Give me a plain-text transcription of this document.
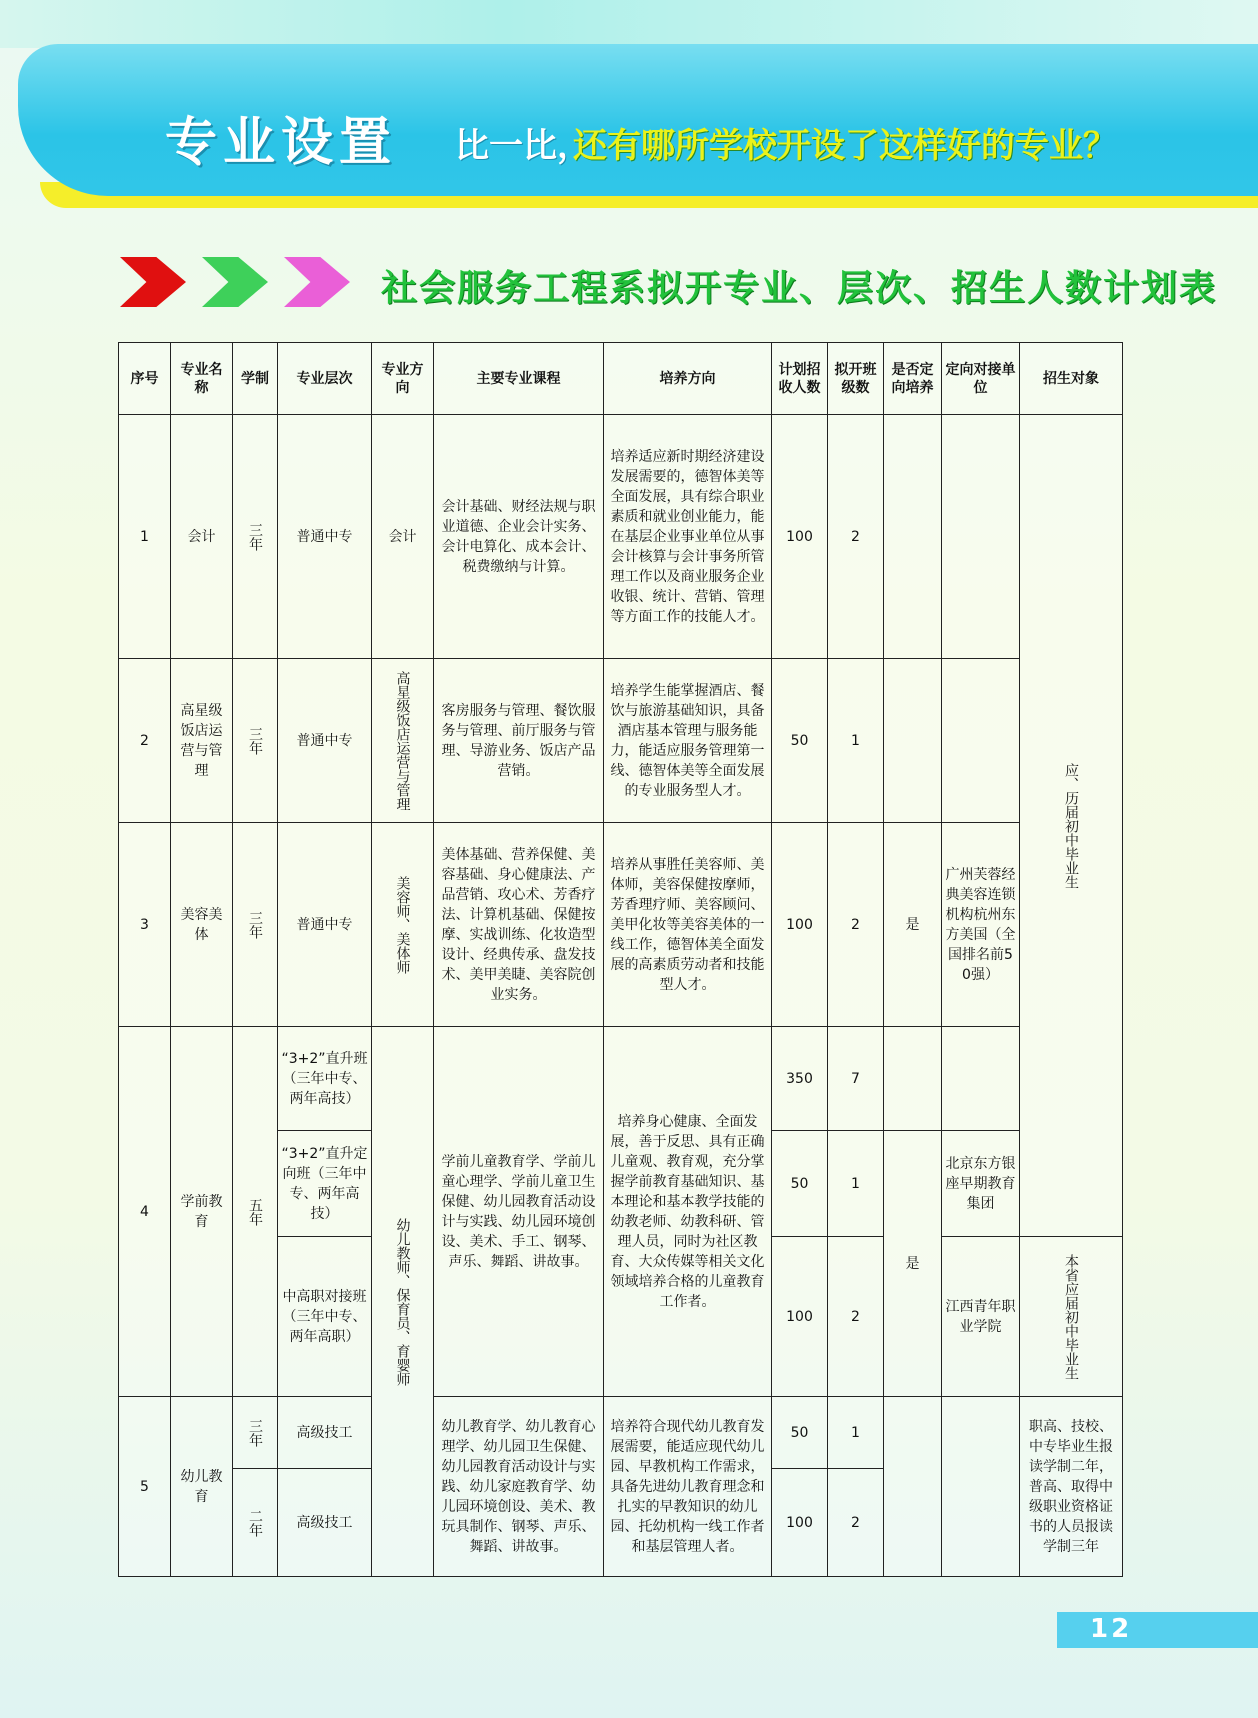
专业设置 比一比，
还有哪所学校开设了这样好的专业？
社会服务工程系拟开专业、层次、招生人数计划表
序号	专业名称	学制	专业层次	专业方向	主要专业课程	培养方向	计划招收人数	拟开班级数	是否定向培养	定向对接单位	招生对象
1	会计	三年	普通中专	会计	会计基础、财经法规与职业道德、企业会计实务、会计电算化、成本会计、税费缴纳与计算。	培养适应新时期经济建设发展需要的，德智体美等全面发展，具有综合职业素质和就业创业能力，能在基层企业事业单位从事会计核算与会计事务所管理工作以及商业服务企业收银、统计、营销、管理等方面工作的技能人才。	100	2			应、历届初中毕业生

2	高星级饭店运营与管理	三年	普通中专	高星级饭店运营与管理	客房服务与管理、餐饮服务与管理、前厅服务与管理、导游业务、饭店产品营销。	培养学生能掌握酒店、餐饮与旅游基础知识，具备酒店基本管理与服务能力，能适应服务管理第一线、德智体美等全面发展的专业服务型人才。	50	1			
3	美容美体	三年	普通中专	美容师、美体师	美体基础、营养保健、美容基础、身心健康法、产品营销、攻心术、芳香疗法、计算机基础、保健按摩、实战训练、化妆造型设计、经典传承、盘发技术、美甲美睫、美容院创业实务。	培养从事胜任美容师、美体师，美容保健按摩师，芳香理疗师、美容顾问、美甲化妆等美容美体的一线工作，德智体美全面发展的高素质劳动者和技能型人才。	100	2	是	广州芙蓉经典美容连锁机构杭州东方美国（全国排名前50强）	
4	学前教育	五年	“3+2”直升班（三年中专、两年高技）	幼儿教师、保育员、育婴师	学前儿童教育学、学前儿童心理学、学前儿童卫生保健、幼儿园教育活动设计与实践、幼儿园环境创设、美术、手工、钢琴、声乐、舞蹈、讲故事。	培养身心健康、全面发展，善于反思、具有正确儿童观、教育观，充分掌握学前教育基础知识、基本理论和基本教学技能的幼教老师、幼教科研、管理人员，同时为社区教育、大众传媒等相关文化领域培养合格的儿童教育工作者。	350	7			
			“3+2”直升定向班（三年中专、两年高技）				50	1	是	北京东方银座早期教育集团	
			中高职对接班（三年中专、两年高职）				100	2		江西青年职业学院	本省应届初中毕业生

5	幼儿教育	三年	高级技工		幼儿教育学、幼儿教育心理学、幼儿园卫生保健、幼儿园教育活动设计与实践、幼儿家庭教育学、幼儿园环境创设、美术、教玩具制作、钢琴、声乐、舞蹈、讲故事。	培养符合现代幼儿教育发展需要，能适应现代幼儿园、早教机构工作需求，具备先进幼儿教育理念和扎实的早教知识的幼儿园、托幼机构一线工作者和基层管理人者。	50	1			职高、技校、中专毕业生报读学制二年，普高、取得中级职业资格证书的人员报读学制三年

		二年	高级技工				100	2			
12
